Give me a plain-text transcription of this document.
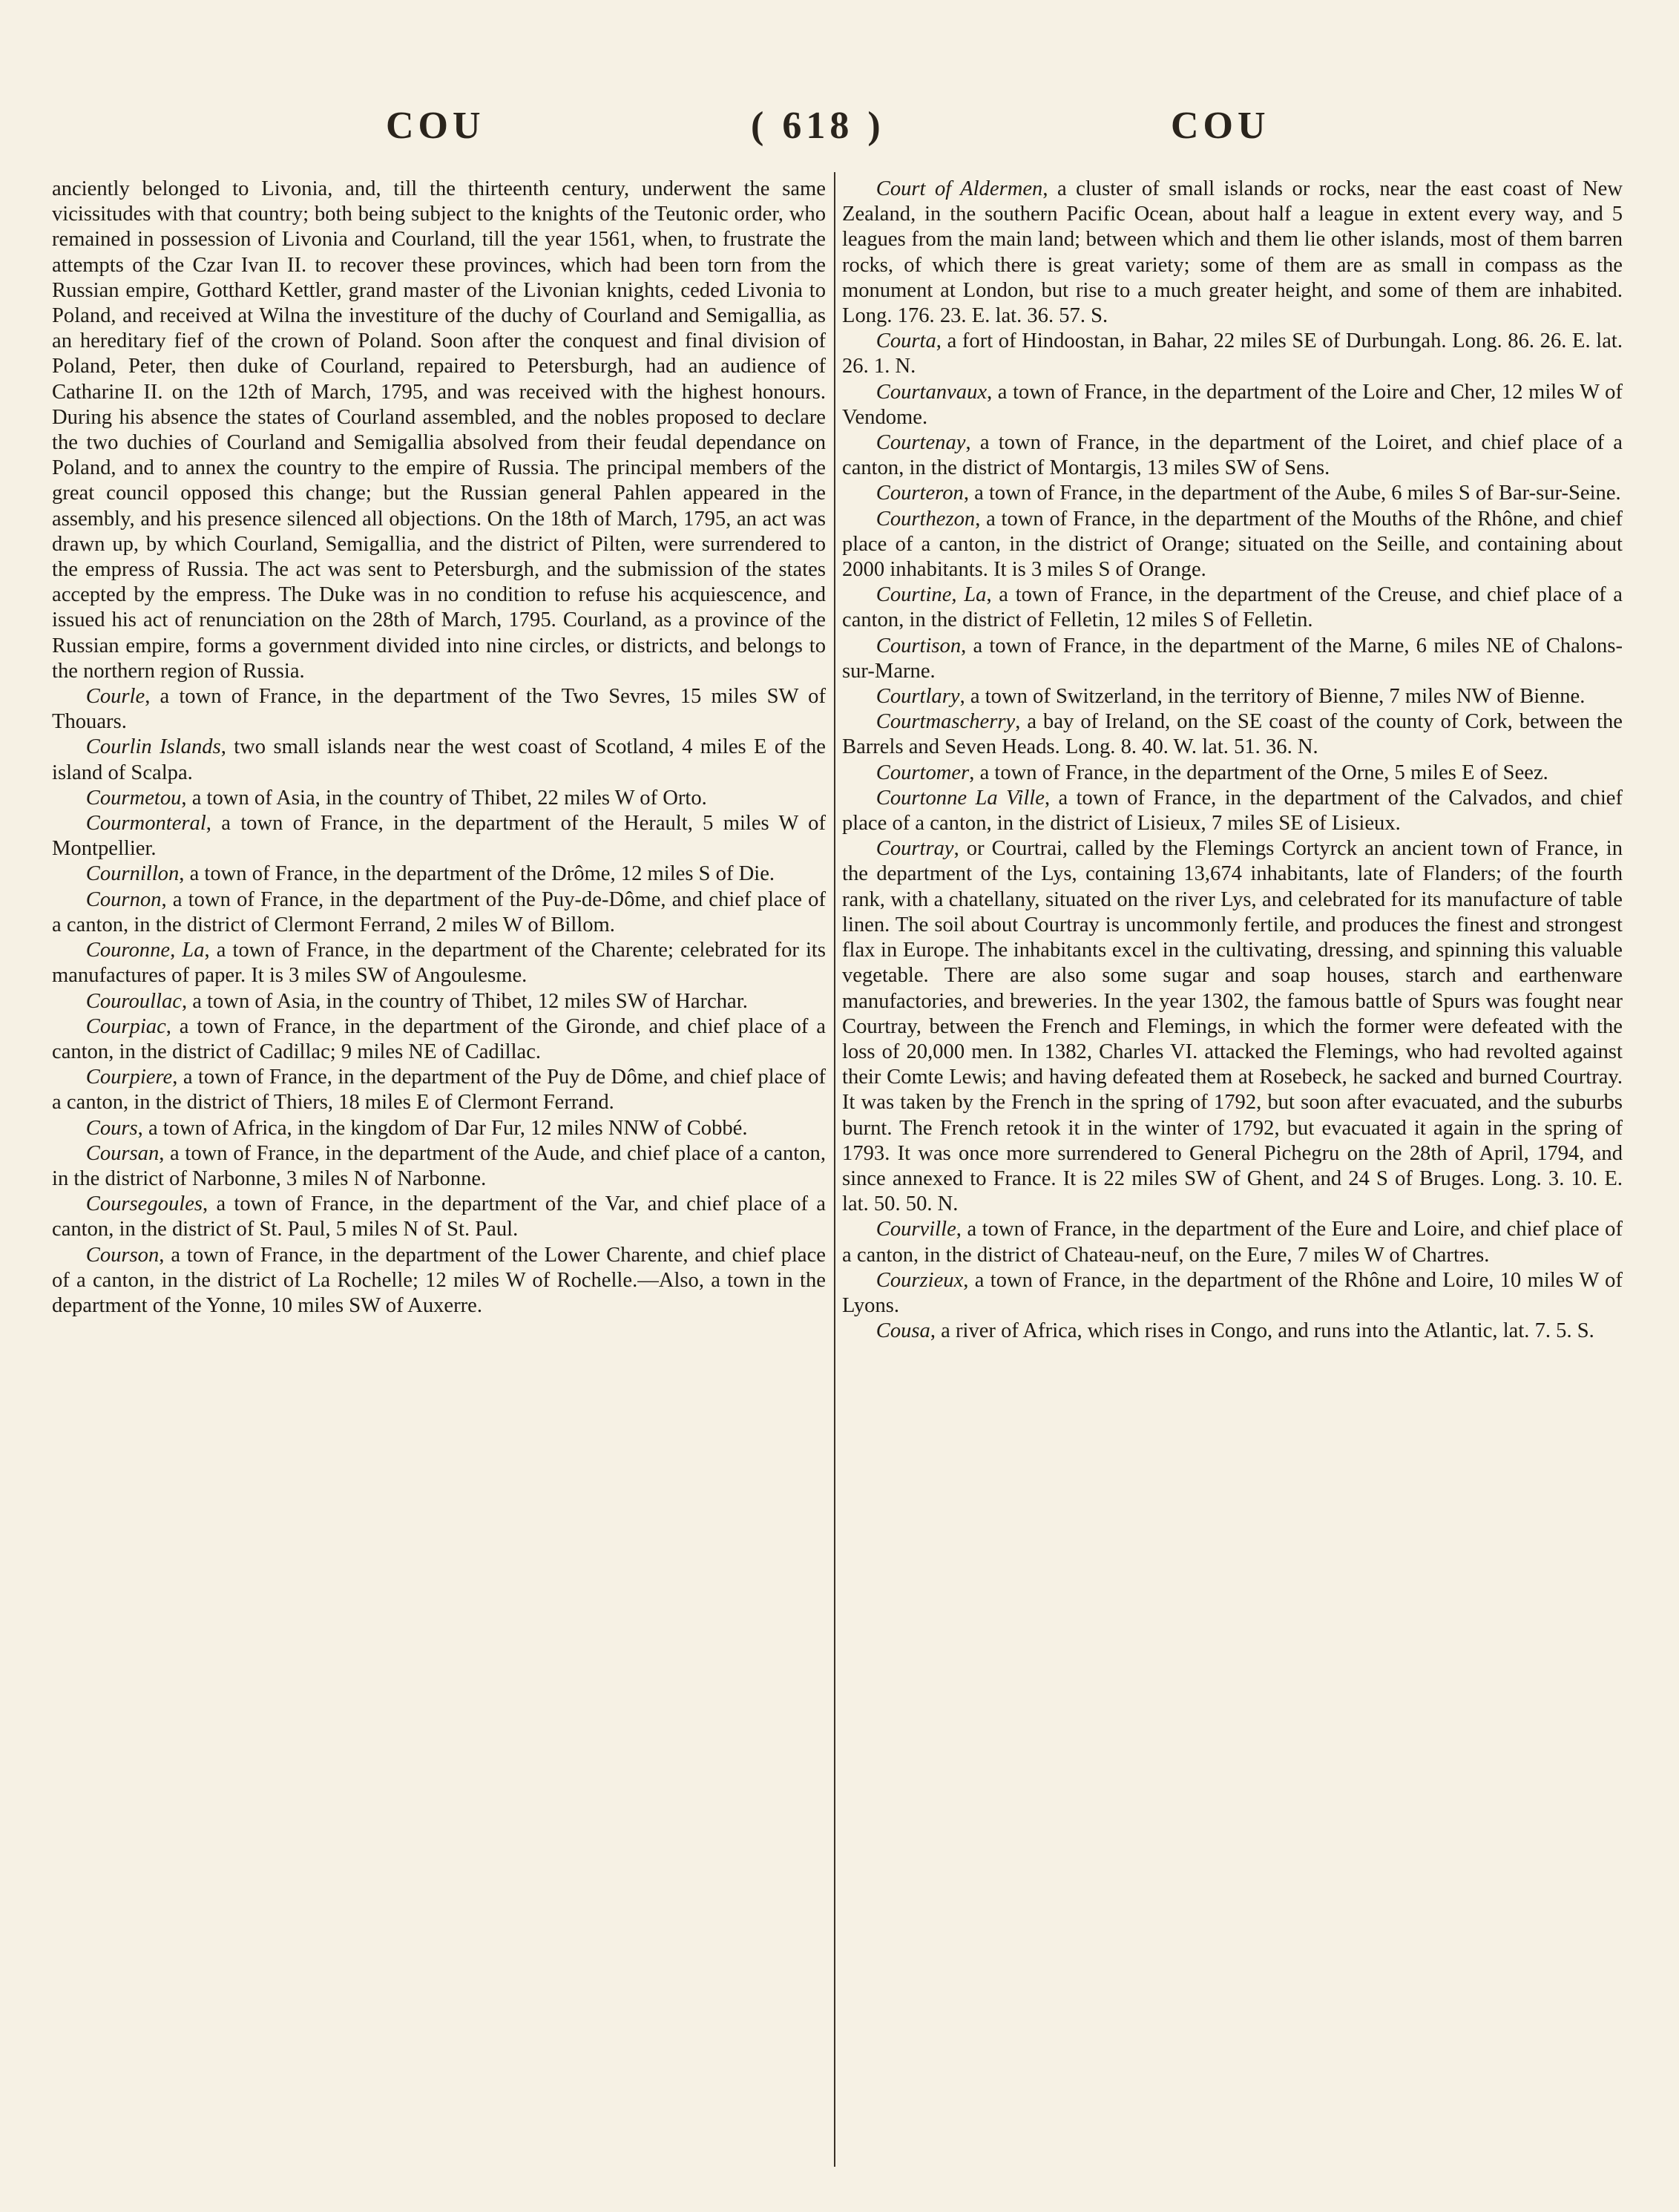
COU	( 618 )	COU

anciently belonged to Livonia, and, till the thirteenth century, underwent the same vicissitudes with that country; both being subject to the knights of the Teutonic order, who remained in possession of Livonia and Courland, till the year 1561, when, to frustrate the attempts of the Czar Ivan II. to recover these provinces, which had been torn from the Russian empire, Gotthard Kettler, grand master of the Livonian knights, ceded Livonia to Poland, and received at Wilna the investiture of the duchy of Courland and Semigallia, as an hereditary fief of the crown of Poland. Soon after the conquest and final division of Poland, Peter, then duke of Courland, repaired to Petersburgh, had an audience of Catharine II. on the 12th of March, 1795, and was received with the highest honours. During his absence the states of Courland assembled, and the nobles proposed to declare the two duchies of Courland and Semigallia absolved from their feudal dependance on Poland, and to annex the country to the empire of Russia. The principal members of the great council opposed this change; but the Russian general Pahlen appeared in the assembly, and his presence silenced all objections. On the 18th of March, 1795, an act was drawn up, by which Courland, Semigallia, and the district of Pilten, were surrendered to the empress of Russia. The act was sent to Petersburgh, and the submission of the states accepted by the empress. The Duke was in no condition to refuse his acquiescence, and issued his act of renunciation on the 28th of March, 1795. Courland, as a province of the Russian empire, forms a government divided into nine circles, or districts, and belongs to the northern region of Russia.

Courle, a town of France, in the department of the Two Sevres, 15 miles SW of Thouars.

Courlin Islands, two small islands near the west coast of Scotland, 4 miles E of the island of Scalpa.

Courmetou, a town of Asia, in the country of Thibet, 22 miles W of Orto.

Courmonteral, a town of France, in the department of the Herault, 5 miles W of Montpellier.

Cournillon, a town of France, in the department of the Drôme, 12 miles S of Die.

Cournon, a town of France, in the department of the Puy-de-Dôme, and chief place of a canton, in the district of Clermont Ferrand, 2 miles W of Billom.

Couronne, La, a town of France, in the department of the Charente; celebrated for its manufactures of paper. It is 3 miles SW of Angoulesme.

Couroullac, a town of Asia, in the country of Thibet, 12 miles SW of Harchar.

Courpiac, a town of France, in the department of the Gironde, and chief place of a canton, in the district of Cadillac; 9 miles NE of Cadillac.

Courpiere, a town of France, in the department of the Puy de Dôme, and chief place of a canton, in the district of Thiers, 18 miles E of Clermont Ferrand.

Cours, a town of Africa, in the kingdom of Dar Fur, 12 miles NNW of Cobbé.

Coursan, a town of France, in the department of the Aude, and chief place of a canton, in the district of Narbonne, 3 miles N of Narbonne.

Coursegoules, a town of France, in the department of the Var, and chief place of a canton, in the district of St. Paul, 5 miles N of St. Paul.

Courson, a town of France, in the department of the Lower Charente, and chief place of a canton, in the district of La Rochelle; 12 miles W of Rochelle.—Also, a town in the department of the Yonne, 10 miles SW of Auxerre.

Court of Aldermen, a cluster of small islands or rocks, near the east coast of New Zealand, in the southern Pacific Ocean, about half a league in extent every way, and 5 leagues from the main land; between which and them lie other islands, most of them barren rocks, of which there is great variety; some of them are as small in compass as the monument at London, but rise to a much greater height, and some of them are inhabited. Long. 176. 23. E. lat. 36. 57. S.

Courta, a fort of Hindoostan, in Bahar, 22 miles SE of Durbungah. Long. 86. 26. E. lat. 26. 1. N.

Courtanvaux, a town of France, in the department of the Loire and Cher, 12 miles W of Vendome.

Courtenay, a town of France, in the department of the Loiret, and chief place of a canton, in the district of Montargis, 13 miles SW of Sens.

Courteron, a town of France, in the department of the Aube, 6 miles S of Bar-sur-Seine.

Courthezon, a town of France, in the department of the Mouths of the Rhône, and chief place of a canton, in the district of Orange; situated on the Seille, and containing about 2000 inhabitants. It is 3 miles S of Orange.

Courtine, La, a town of France, in the department of the Creuse, and chief place of a canton, in the district of Felletin, 12 miles S of Felletin.

Courtison, a town of France, in the department of the Marne, 6 miles NE of Chalons-sur-Marne.

Courtlary, a town of Switzerland, in the territory of Bienne, 7 miles NW of Bienne.

Courtmascherry, a bay of Ireland, on the SE coast of the county of Cork, between the Barrels and Seven Heads. Long. 8. 40. W. lat. 51. 36. N.

Courtomer, a town of France, in the department of the Orne, 5 miles E of Seez.

Courtonne La Ville, a town of France, in the department of the Calvados, and chief place of a canton, in the district of Lisieux, 7 miles SE of Lisieux.

Courtray, or Courtrai, called by the Flemings Cortyrck an ancient town of France, in the department of the Lys, containing 13,674 inhabitants, late of Flanders; of the fourth rank, with a chatellany, situated on the river Lys, and celebrated for its manufacture of table linen. The soil about Courtray is uncommonly fertile, and produces the finest and strongest flax in Europe. The inhabitants excel in the cultivating, dressing, and spinning this valuable vegetable. There are also some sugar and soap houses, starch and earthenware manufactories, and breweries. In the year 1302, the famous battle of Spurs was fought near Courtray, between the French and Flemings, in which the former were defeated with the loss of 20,000 men. In 1382, Charles VI. attacked the Flemings, who had revolted against their Comte Lewis; and having defeated them at Rosebeck, he sacked and burned Courtray. It was taken by the French in the spring of 1792, but soon after evacuated, and the suburbs burnt. The French retook it in the winter of 1792, but evacuated it again in the spring of 1793. It was once more surrendered to General Pichegru on the 28th of April, 1794, and since annexed to France. It is 22 miles SW of Ghent, and 24 S of Bruges. Long. 3. 10. E. lat. 50. 50. N.

Courville, a town of France, in the department of the Eure and Loire, and chief place of a canton, in the district of Chateau-neuf, on the Eure, 7 miles W of Chartres.

Courzieux, a town of France, in the department of the Rhône and Loire, 10 miles W of Lyons.

Cousa, a river of Africa, which rises in Congo, and runs into the Atlantic, lat. 7. 5. S.
